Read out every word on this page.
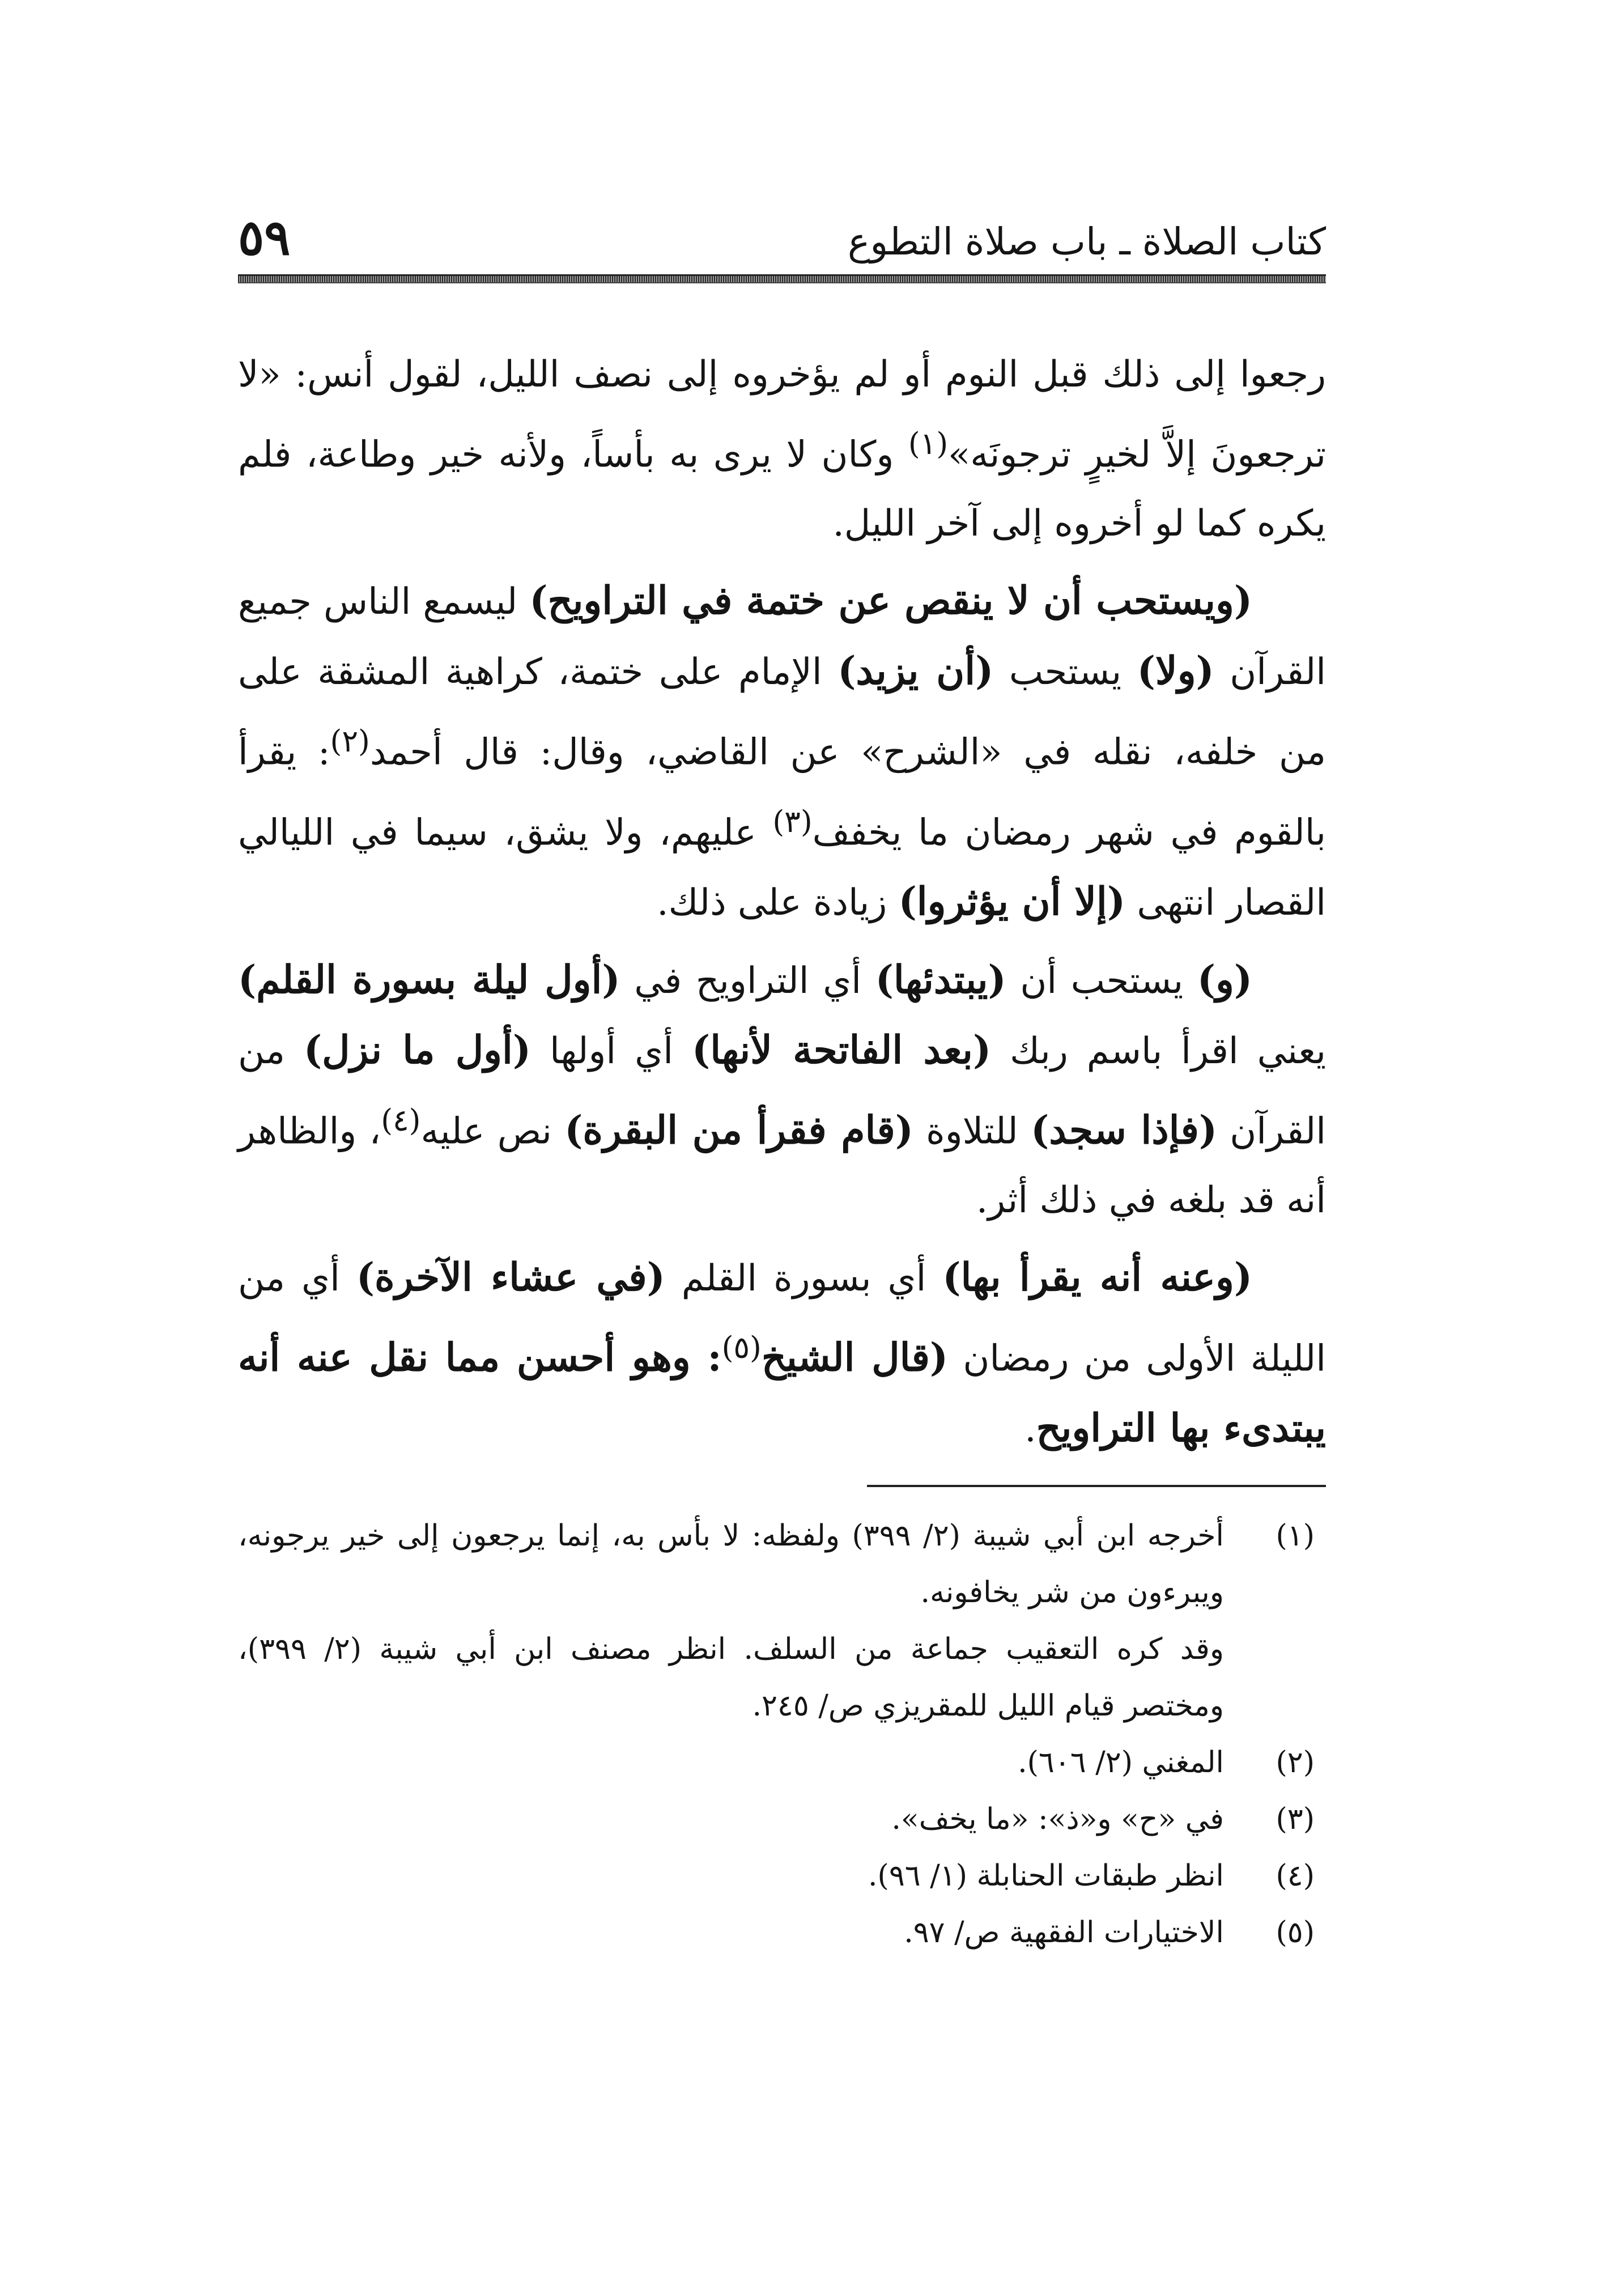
كتاب الصلاة ـ باب صلاة التطوع
٥٩

رجعوا إلى ذلك قبل النوم أو لم يؤخروه إلى نصف الليل، لقول أنس: «لا ترجعونَ إلاَّ لخيرٍ ترجونَه»$^{(١)}$ وكان لا يرى به بأساً، ولأنه خير وطاعة، فلم يكره كما لو أخروه إلى آخر الليل.

(ويستحب أن لا ينقص عن ختمة في التراويح) ليسمع الناس جميع القرآن (ولا) يستحب (أن يزيد) الإمام على ختمة، كراهية المشقة على من خلفه، نقله في «الشرح» عن القاضي، وقال: قال أحمد$^{(٢)}$: يقرأ بالقوم في شهر رمضان ما يخفف$^{(٣)}$ عليهم، ولا يشق، سيما في الليالي القصار انتهى (إلا أن يؤثروا) زيادة على ذلك.

(و) يستحب أن (يبتدئها) أي التراويح في (أول ليلة بسورة القلم) يعني اقرأ باسم ربك (بعد الفاتحة لأنها) أي أولها (أول ما نزل) من القرآن (فإذا سجد) للتلاوة (قام فقرأ من البقرة) نص عليه$^{(٤)}$، والظاهر أنه قد بلغه في ذلك أثر.

(وعنه أنه يقرأ بها) أي بسورة القلم (في عشاء الآخرة) أي من الليلة الأولى من رمضان (قال الشيخ$^{(٥)}$: وهو أحسن مما نقل عنه أنه يبتدىء بها التراويح.

(١)
أخرجه ابن أبي شيبة (٢/ ٣٩٩) ولفظه: لا بأس به، إنما يرجعون إلى خير يرجونه، ويبرءون من شر يخافونه.
وقد كره التعقيب جماعة من السلف. انظر مصنف ابن أبي شيبة (٢/ ٣٩٩)، ومختصر قيام الليل للمقريزي ص/ ٢٤٥.
(٢)
المغني (٢/ ٦٠٦).
(٣)
في «ح» و«ذ»: «ما يخف».
(٤)
انظر طبقات الحنابلة (١/ ٩٦).
(٥)
الاختيارات الفقهية ص/ ٩٧.
